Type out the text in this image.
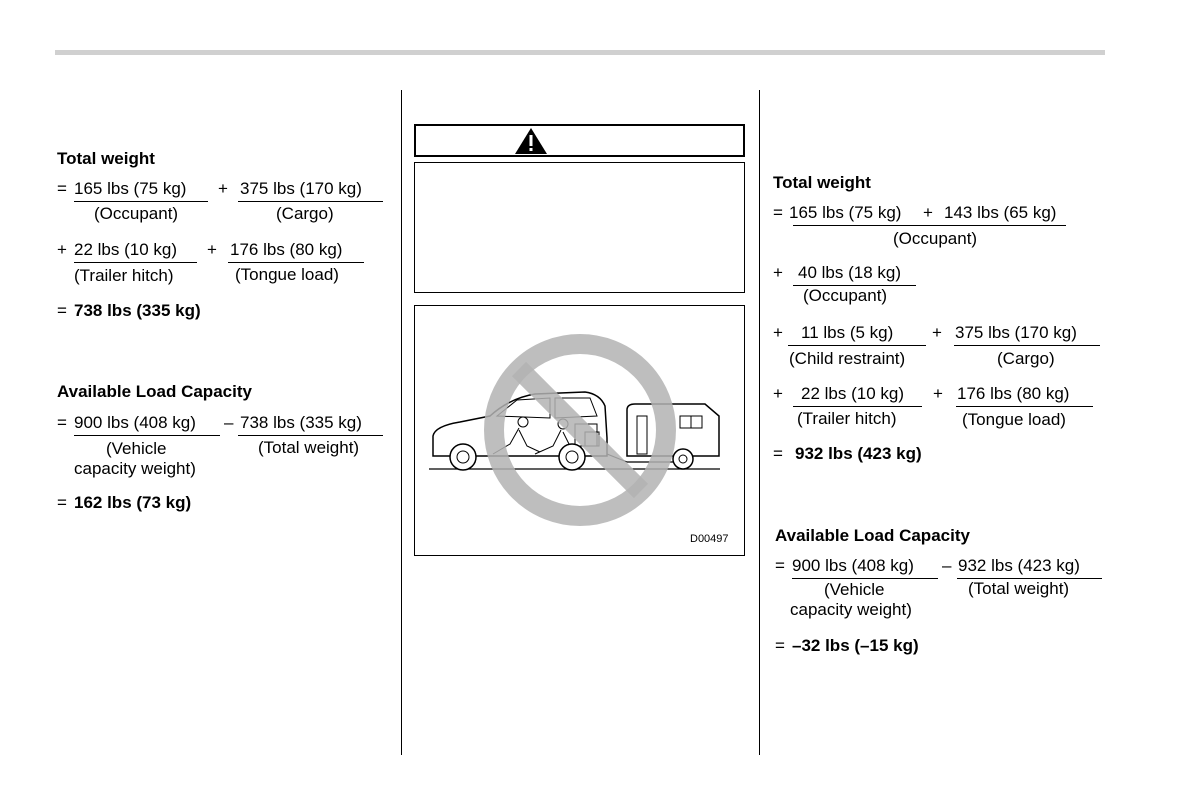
Total weight
= 165 lbs (75 kg) + 375 lbs (170 kg)
(Occupant)	(Cargo)
+ 22 lbs (10 kg) + 176 lbs (80 kg)
(Trailer hitch)	(Tongue load)
= 738 lbs (335 kg)
Available Load Capacity
= 900 lbs (408 kg) – 738 lbs (335 kg)
(Vehicle
capacity weight)
(Total weight)
= 162 lbs (73 kg)
D00497
Total weight
= 165 lbs (75 kg) + 143 lbs (65 kg)
(Occupant)
+ 40 lbs (18 kg)
(Occupant)
+ 11 lbs (5 kg) + 375 lbs (170 kg)
(Child restraint)	(Cargo)
+ 22 lbs (10 kg) + 176 lbs (80 kg)
(Trailer hitch)	(Tongue load)
= 932 lbs (423 kg)
Available Load Capacity
= 900 lbs (408 kg) – 932 lbs (423 kg)
(Vehicle
capacity weight)
(Total weight)
= –32 lbs (–15 kg)
